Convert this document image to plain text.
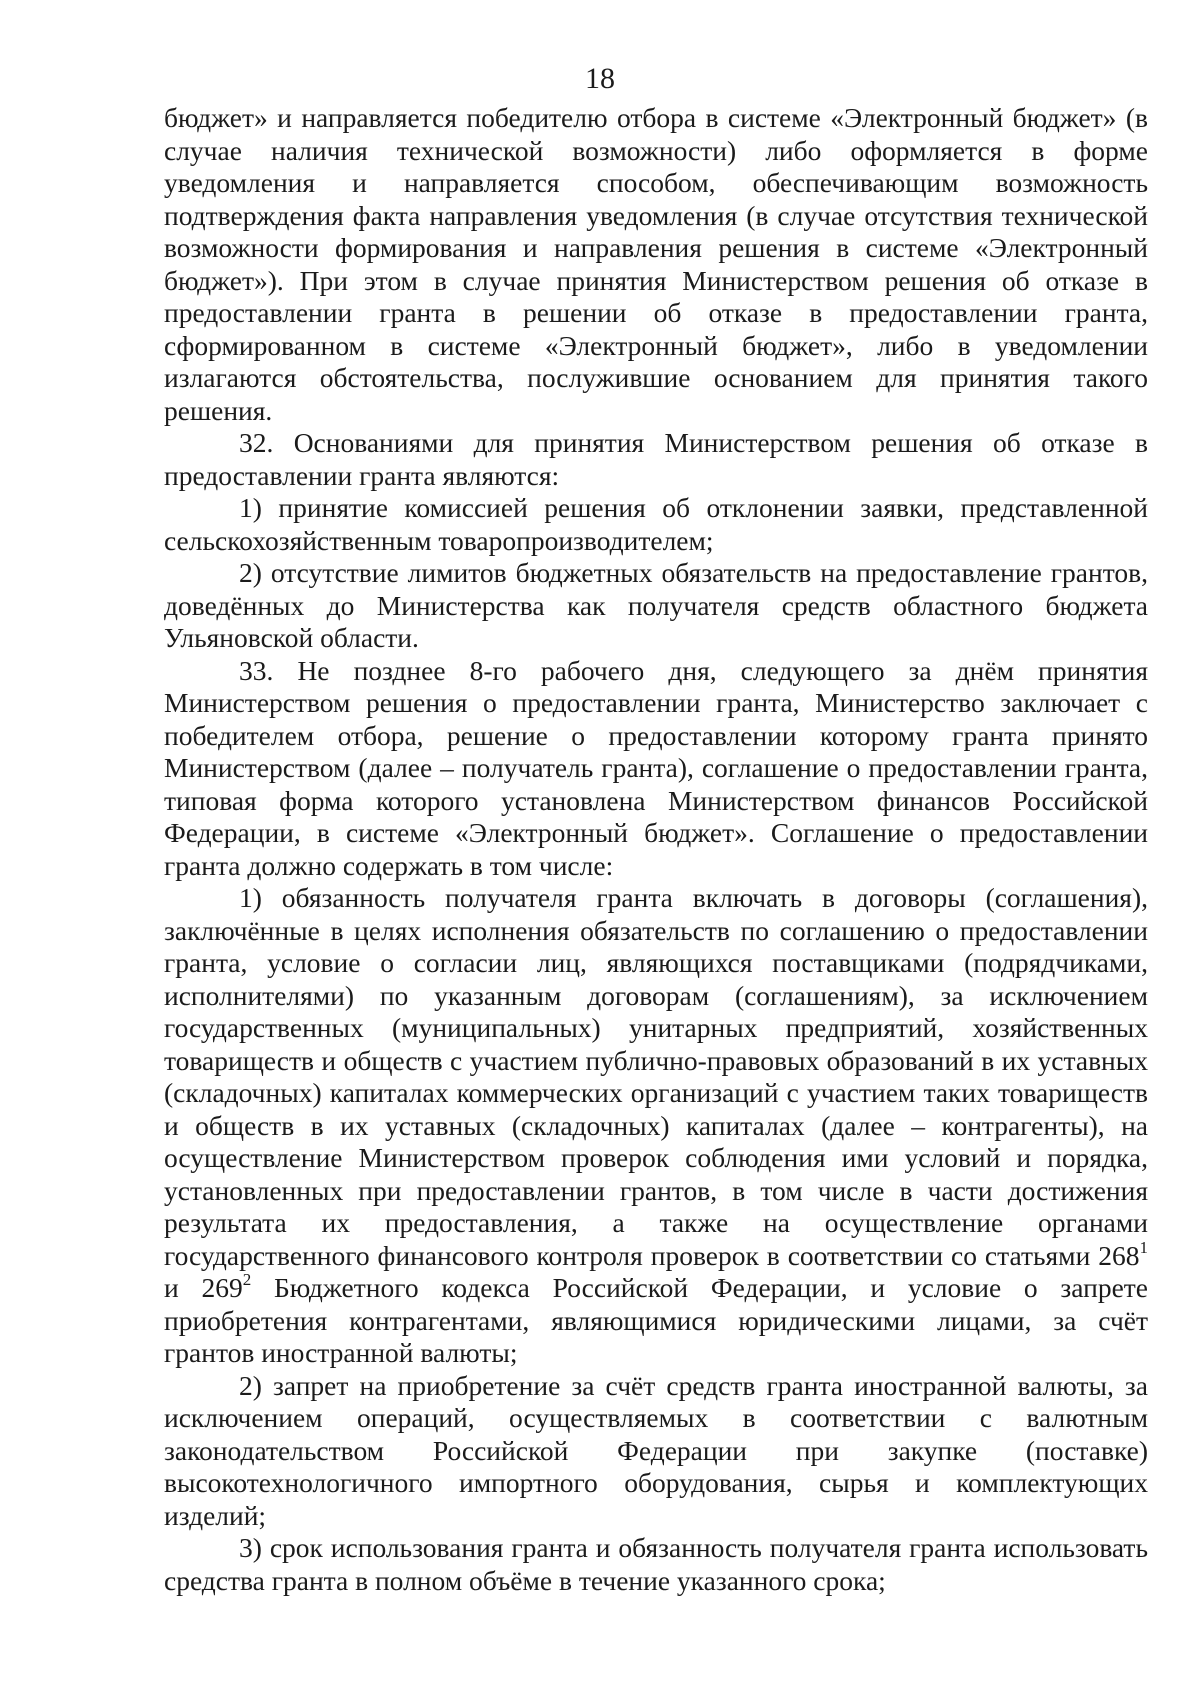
18

бюджет» и направляется победителю отбора в системе «Электронный бюджет» (в случае наличия технической возможности) либо оформляется в форме уведомления и направляется способом, обеспечивающим возможность подтверждения факта направления уведомления (в случае отсутствия технической возможности формирования и направления решения в системе «Электронный бюджет»). При этом в случае принятия Министерством решения об отказе в предоставлении гранта в решении об отказе в предоставлении гранта, сформированном в системе «Электронный бюджет», либо в уведомлении излагаются обстоятельства, послужившие основанием для принятия такого решения.

32. Основаниями для принятия Министерством решения об отказе в предоставлении гранта являются:

1) принятие комиссией решения об отклонении заявки, представленной сельскохозяйственным товаропроизводителем;

2) отсутствие лимитов бюджетных обязательств на предоставление грантов, доведённых до Министерства как получателя средств областного бюджета Ульяновской области.

33. Не позднее 8-го рабочего дня, следующего за днём принятия Министерством решения о предоставлении гранта, Министерство заключает с победителем отбора, решение о предоставлении которому гранта принято Министерством (далее – получатель гранта), соглашение о предоставлении гранта, типовая форма которого установлена Министерством финансов Российской Федерации, в системе «Электронный бюджет». Соглашение о предоставлении гранта должно содержать в том числе:

1) обязанность получателя гранта включать в договоры (соглашения), заключённые в целях исполнения обязательств по соглашению о предоставлении гранта, условие о согласии лиц, являющихся поставщиками (подрядчиками, исполнителями) по указанным договорам (соглашениям), за исключением государственных (муниципальных) унитарных предприятий, хозяйственных товариществ и обществ с участием публично-правовых образований в их уставных (складочных) капиталах коммерческих организаций с участием таких товариществ и обществ в их уставных (складочных) капиталах (далее – контрагенты), на осуществление Министерством проверок соблюдения ими условий и порядка, установленных при предоставлении грантов, в том числе в части достижения результата их предоставления, а также на осуществление органами государственного финансового контроля проверок в соответствии со статьями $268^1$ и $269^2$ Бюджетного кодекса Российской Федерации, и условие о запрете приобретения контрагентами, являющимися юридическими лицами, за счёт грантов иностранной валюты;

2) запрет на приобретение за счёт средств гранта иностранной валюты, за исключением операций, осуществляемых в соответствии с валютным законодательством Российской Федерации при закупке (поставке) высокотехнологичного импортного оборудования, сырья и комплектующих изделий;

3) срок использования гранта и обязанность получателя гранта использовать средства гранта в полном объёме в течение указанного срока;
